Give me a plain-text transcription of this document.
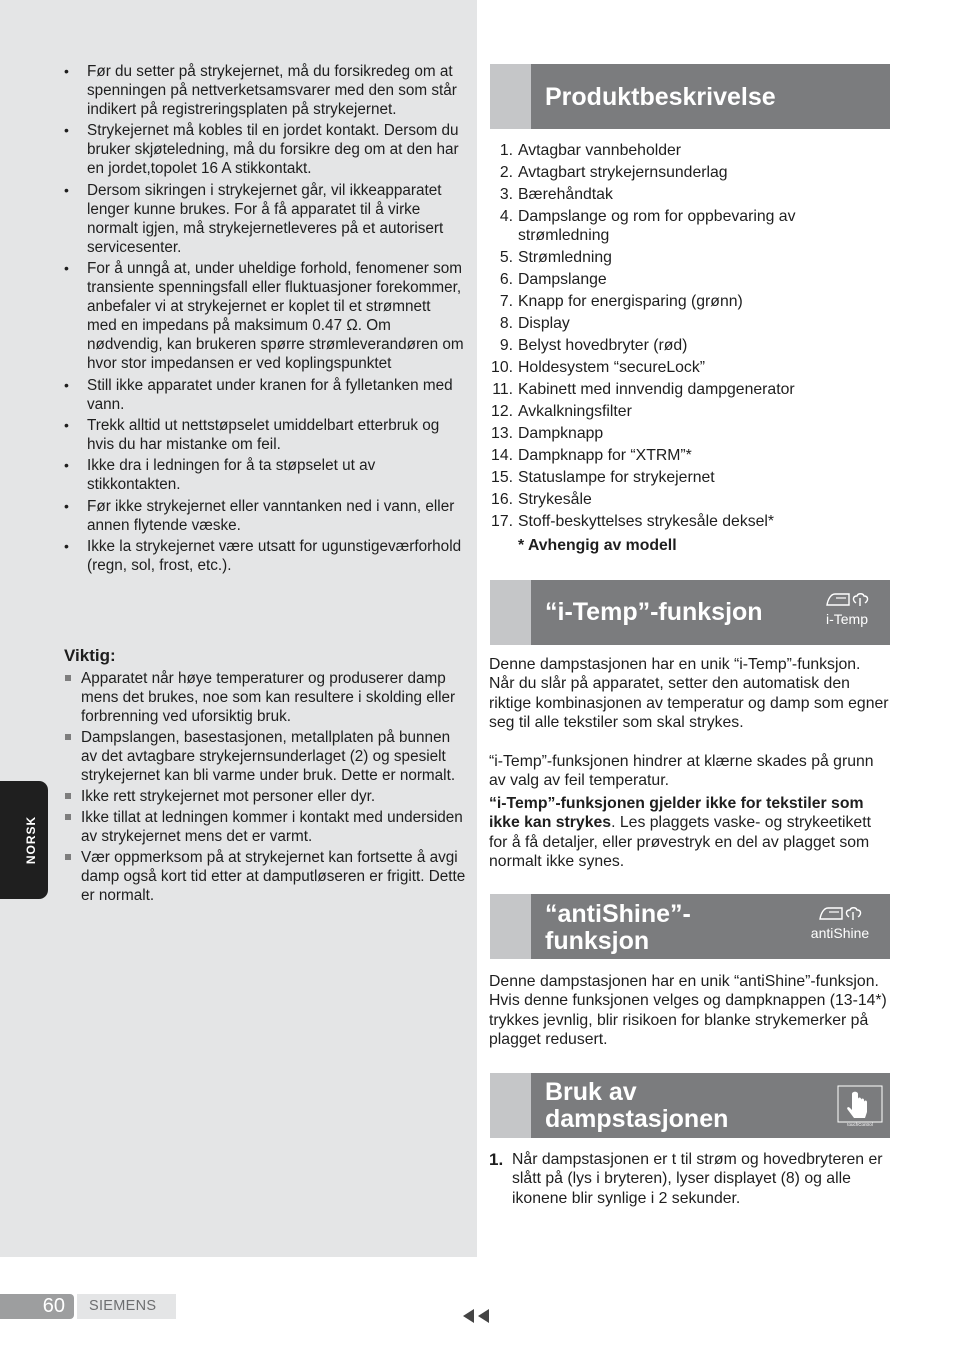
NORSK
• Før du setter på strykejernet, må du forsikredeg om at spenningen på nettverketsamsvarer med den som står indikert på registreringsplaten på strykejernet.
• Strykejernet må kobles til en jordet kontakt. Dersom du bruker skjøteledning, må du forsikre deg om at den har en jordet,topolet 16 A stikkontakt.
• Dersom sikringen i strykejernet går, vil ikkeapparatet lenger kunne brukes. For å få apparatet til å virke normalt igjen, må strykejernetleveres på et autorisert servicesenter.
• For å unngå at, under uheldige forhold, fenomener som transiente spenningsfall eller fluktuasjoner forekommer, anbefaler vi at strykejernet er koplet til et strømnett med en impedans på maksimum 0.47 Ω. Om nødvendig, kan brukeren spørre strømleverandøren om hvor stor impedansen er ved koplingspunktet
• Still ikke apparatet under kranen for å fylletanken med vann.
• Trekk alltid ut nettstøpselet umiddelbart etterbruk og hvis du har mistanke om feil.
• Ikke dra i ledningen for å ta støpselet ut av stikkontakten.
• Før ikke strykejernet eller vanntanken ned i vann, eller annen flytende væske.
• Ikke la strykejernet være utsatt for ugunstigeværforhold (regn, sol, frost, etc.).
Viktig:
Apparatet når høye temperaturer og produserer damp mens det brukes, noe som kan resultere i skolding eller forbrenning ved uforsiktig bruk.
Dampslangen, basestasjonen, metallplaten på bunnen av det avtagbare strykejernsunderlaget (2) og spesielt strykejernet kan bli varme under bruk. Dette er normalt.
Ikke rett strykejernet mot personer eller dyr.
Ikke tillat at ledningen kommer i kontakt med undersiden av strykejernet mens det er varmt.
Vær oppmerksom på at strykejernet kan fortsette å avgi damp også kort tid etter at damputløseren er frigitt. Dette er normalt.
Produktbeskrivelse
1. Avtagbar vannbeholder
2. Avtagbart strykejernsunderlag
3. Bærehåndtak
4. Dampslange og rom for oppbevaring av strømledning
5. Strømledning
6. Dampslange
7. Knapp for energisparing (grønn)
8. Display
9. Belyst hovedbryter (rød)
10. Holdesystem “secureLock”
11. Kabinett med innvendig dampgenerator
12. Avkalkningsfilter
13. Dampknapp
14. Dampknapp for “XTRM”*
15. Statuslampe for strykejernet
16. Strykesåle
17. Stoff-beskyttelses strykesåle deksel*
* Avhengig av modell
“i-Temp”-funksjon	i-Temp
Denne dampstasjonen har en unik “i-Temp”-funksjon. Når du slår på apparatet, setter den automatisk den riktige kombinasjonen av temperatur og damp som egner seg til alle tekstiler som skal strykes.
“i-Temp”-funksjonen hindrer at klærne skades på grunn av valg av feil temperatur.
“i-Temp”-funksjonen gjelder ikke for tekstiler som ikke kan strykes. Les plaggets vaske- og strykeetikett for å få detaljer, eller prøvestryk en del av plagget som normalt ikke synes.
“antiShine”-
funksjon	antiShine
Denne dampstasjonen har en unik “antiShine”-funksjon. Hvis denne funksjonen velges og dampknappen (13-14*) trykkes jevnlig, blir risikoen for blanke strykemerker på plagget redusert.
Bruk av
dampstasjonen	touchControl
1. Når dampstasjonen er t til strøm og hovedbryteren er slått på (lys i bryteren), lyser displayet (8) og alle ikonene blir synlige i 2 sekunder.
60	SIEMENS
